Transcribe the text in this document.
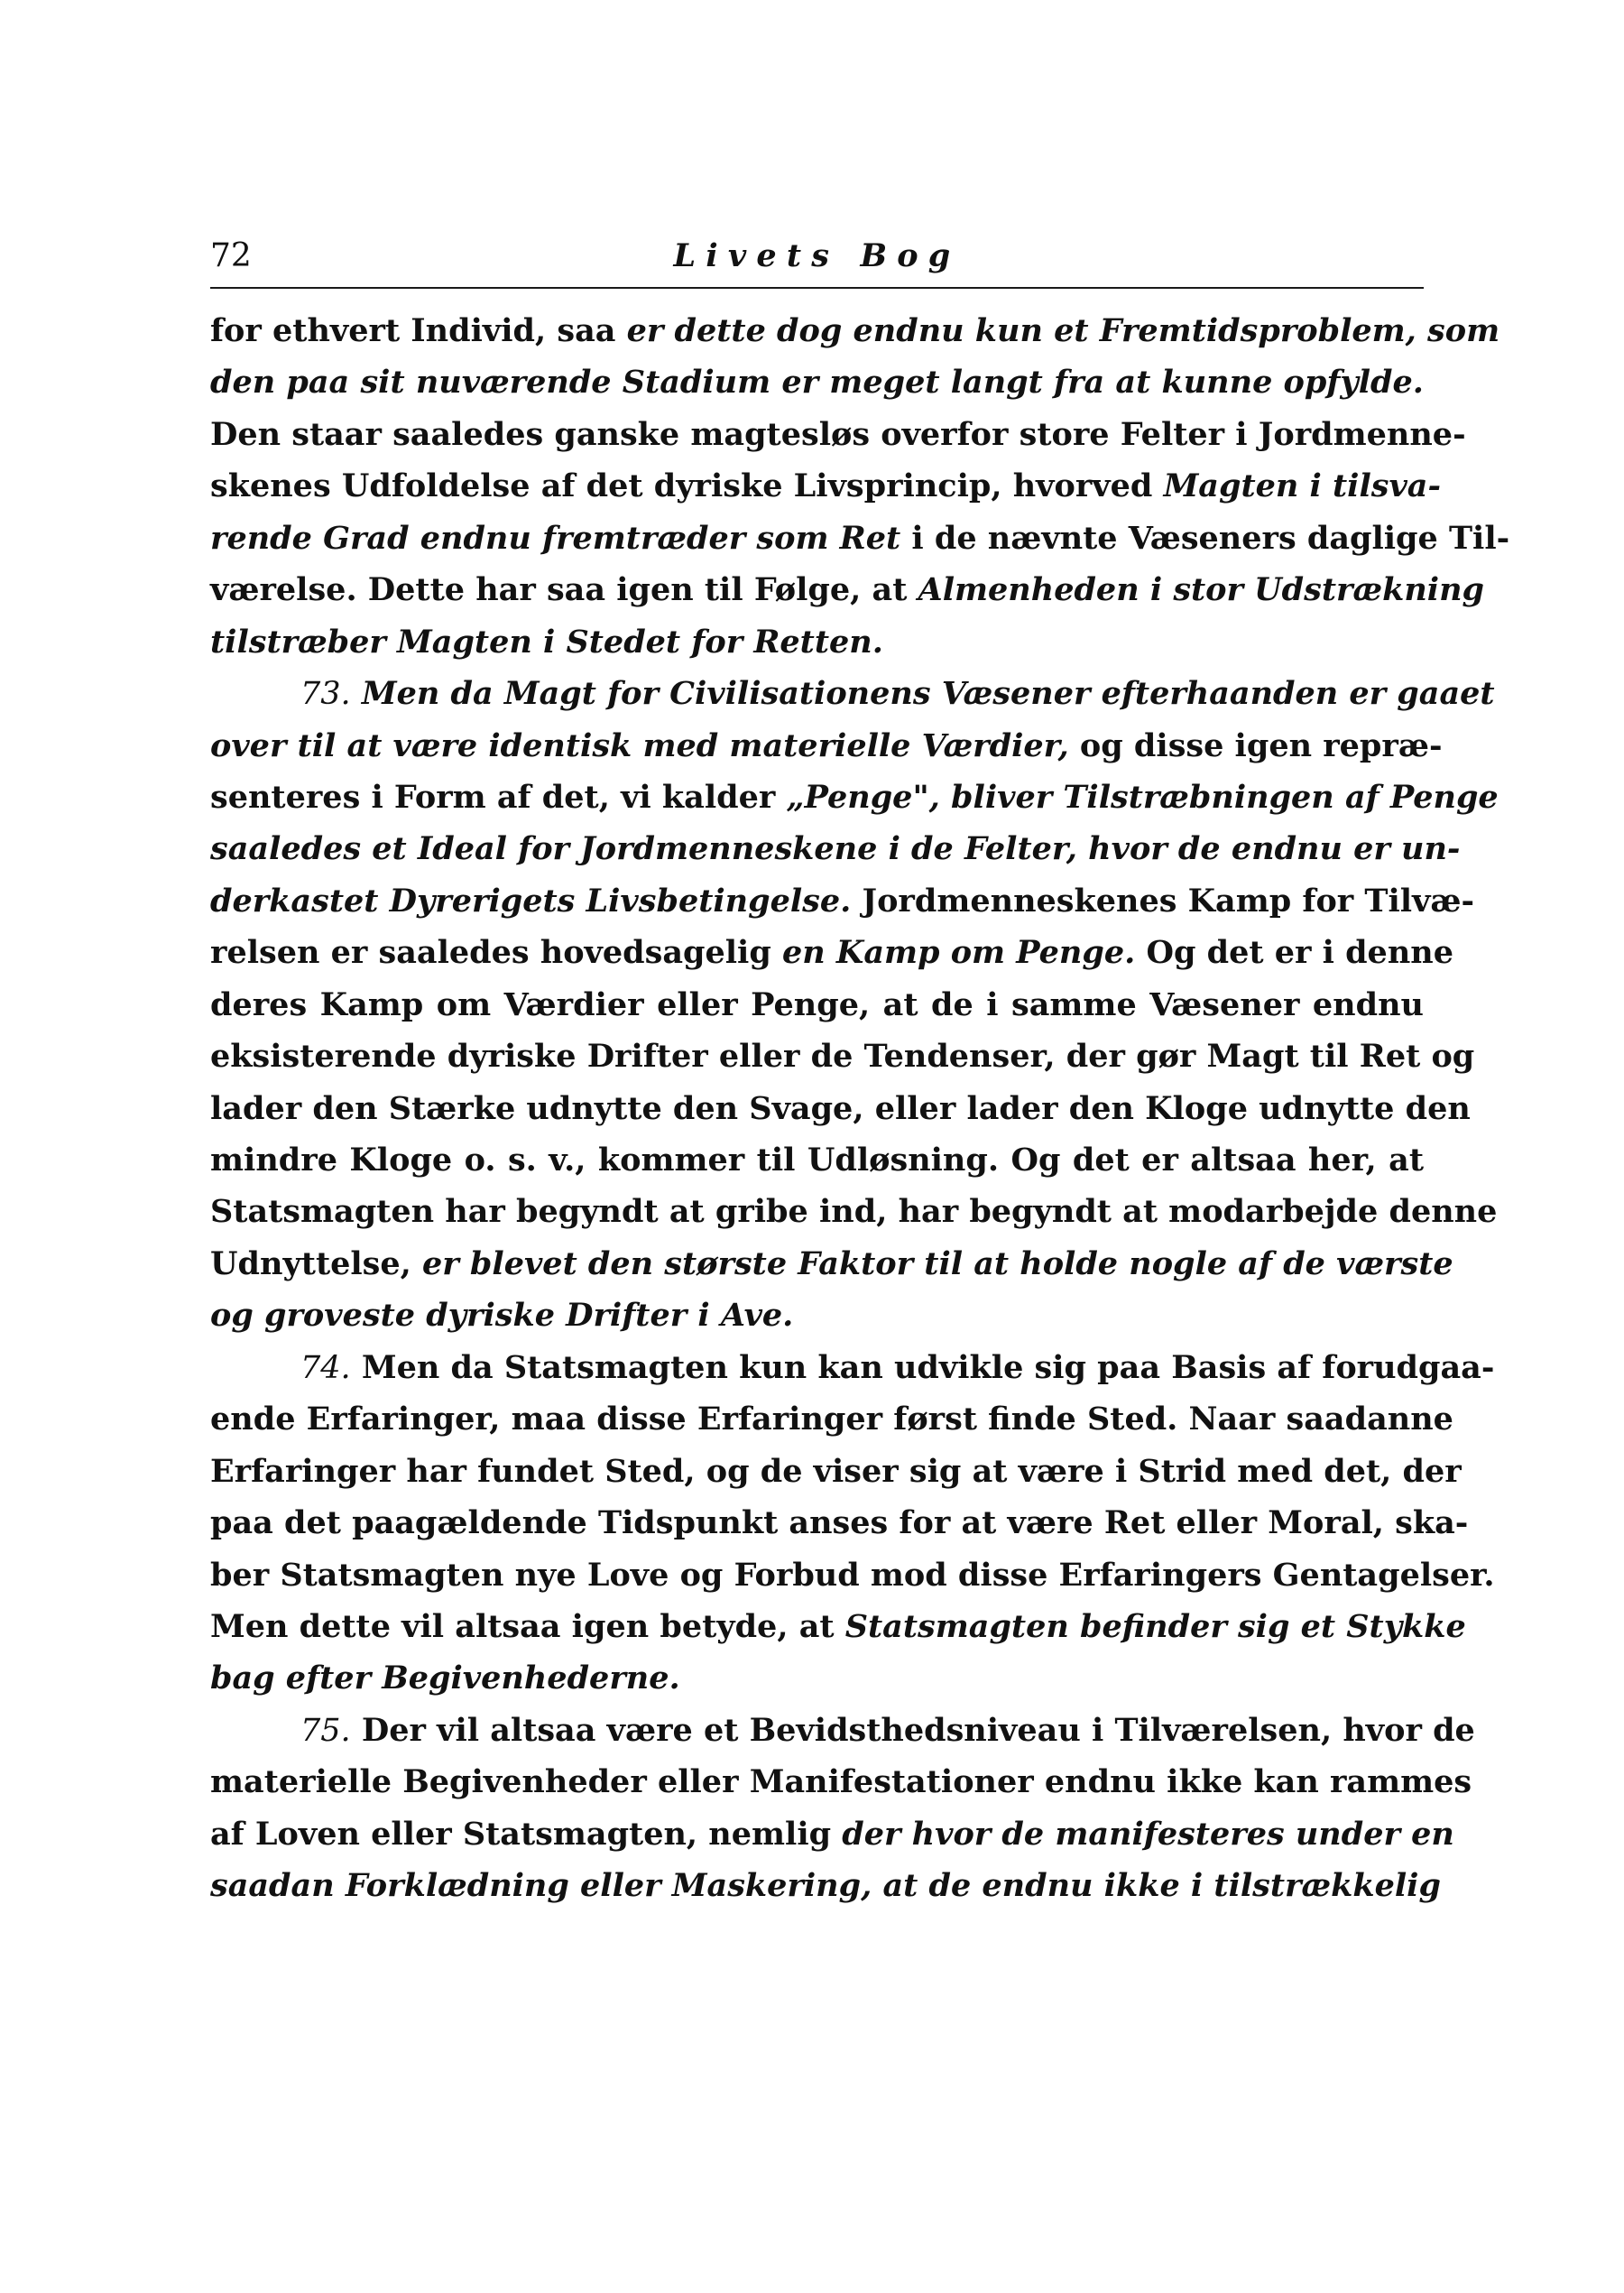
72	Livets Bog
for ethvert Individ, saa er dette dog endnu kun et Fremtidsproblem, som
den paa sit nuværende Stadium er meget langt fra at kunne opfylde.
Den staar saaledes ganske magtesløs overfor store Felter i Jordmenne-
skenes Udfoldelse af det dyriske Livsprincip, hvorved Magten i tilsva-
rende Grad endnu fremtræder som Ret i de nævnte Væseners daglige Til-
værelse. Dette har saa igen til Følge, at Almenheden i stor Udstrækning
tilstræber Magten i Stedet for Retten.
73. Men da Magt for Civilisationens Væsener efterhaanden er gaaet
over til at være identisk med materielle Værdier, og disse igen repræ-
senteres i Form af det, vi kalder „Penge", bliver Tilstræbningen af Penge
saaledes et Ideal for Jordmenneskene i de Felter, hvor de endnu er un-
derkastet Dyrerigets Livsbetingelse. Jordmenneskenes Kamp for Tilvæ-
relsen er saaledes hovedsagelig en Kamp om Penge. Og det er i denne
deres Kamp om Værdier eller Penge, at de i samme Væsener endnu
eksisterende dyriske Drifter eller de Tendenser, der gør Magt til Ret og
lader den Stærke udnytte den Svage, eller lader den Kloge udnytte den
mindre Kloge o. s. v., kommer til Udløsning. Og det er altsaa her, at
Statsmagten har begyndt at gribe ind, har begyndt at modarbejde denne
Udnyttelse, er blevet den største Faktor til at holde nogle af de værste
og groveste dyriske Drifter i Ave.
74. Men da Statsmagten kun kan udvikle sig paa Basis af forudgaa-
ende Erfaringer, maa disse Erfaringer først finde Sted. Naar saadanne
Erfaringer har fundet Sted, og de viser sig at være i Strid med det, der
paa det paagældende Tidspunkt anses for at være Ret eller Moral, ska-
ber Statsmagten nye Love og Forbud mod disse Erfaringers Gentagelser.
Men dette vil altsaa igen betyde, at Statsmagten befinder sig et Stykke
bag efter Begivenhederne.
75. Der vil altsaa være et Bevidsthedsniveau i Tilværelsen, hvor de
materielle Begivenheder eller Manifestationer endnu ikke kan rammes
af Loven eller Statsmagten, nemlig der hvor de manifesteres under en
saadan Forklædning eller Maskering, at de endnu ikke i tilstrækkelig
